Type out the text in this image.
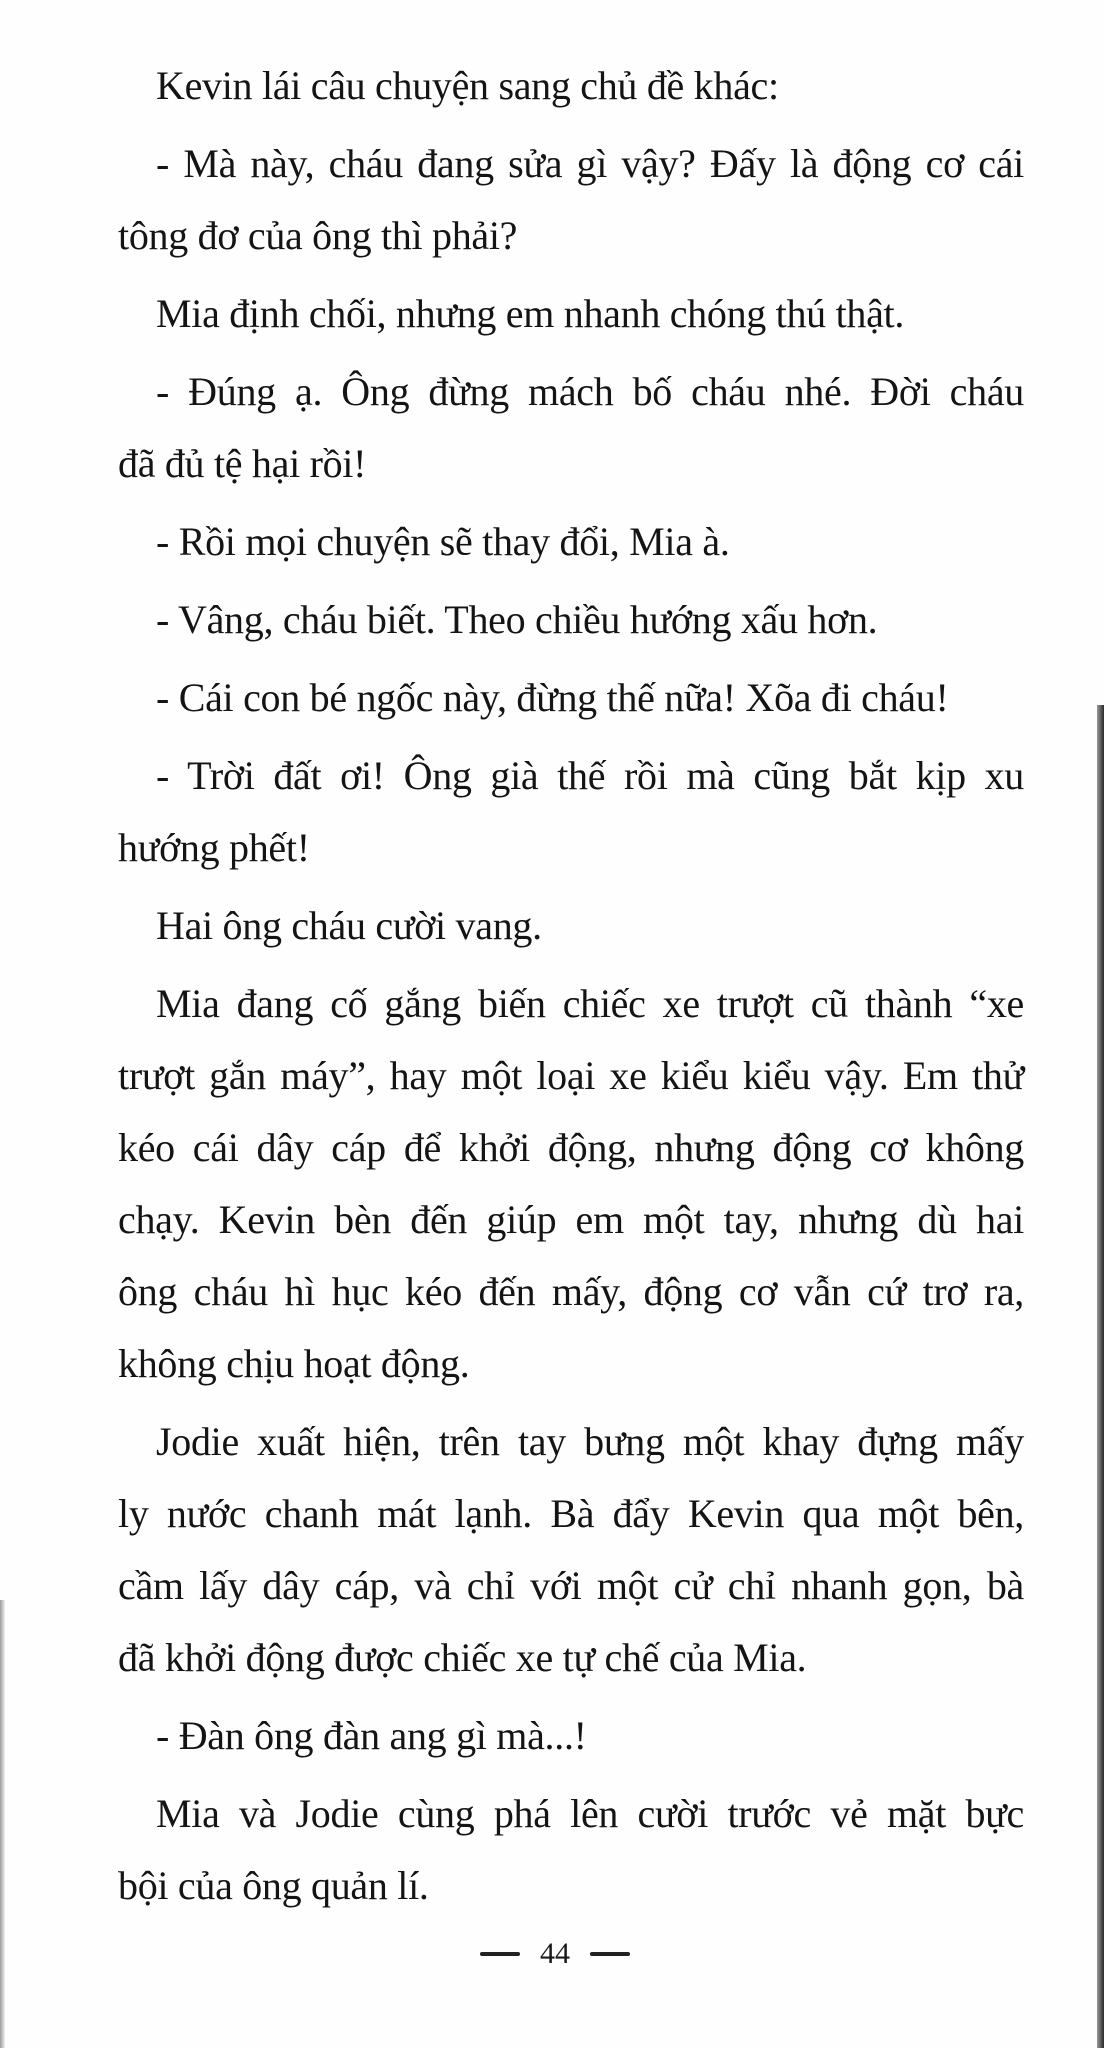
Kevin lái câu chuyện sang chủ đề khác:
- Mà này, cháu đang sửa gì vậy? Đấy là động cơ cái
tông đơ của ông thì phải?
Mia định chối, nhưng em nhanh chóng thú thật.
- Đúng ạ. Ông đừng mách bố cháu nhé. Đời cháu
đã đủ tệ hại rồi!
- Rồi mọi chuyện sẽ thay đổi, Mia à.
- Vâng, cháu biết. Theo chiều hướng xấu hơn.
- Cái con bé ngốc này, đừng thế nữa! Xõa đi cháu!
- Trời đất ơi! Ông già thế rồi mà cũng bắt kịp xu
hướng phết!
Hai ông cháu cười vang.
Mia đang cố gắng biến chiếc xe trượt cũ thành “xe
trượt gắn máy”, hay một loại xe kiểu kiểu vậy. Em thử
kéo cái dây cáp để khởi động, nhưng động cơ không
chạy. Kevin bèn đến giúp em một tay, nhưng dù hai
ông cháu hì hục kéo đến mấy, động cơ vẫn cứ trơ ra,
không chịu hoạt động.
Jodie xuất hiện, trên tay bưng một khay đựng mấy
ly nước chanh mát lạnh. Bà đẩy Kevin qua một bên,
cầm lấy dây cáp, và chỉ với một cử chỉ nhanh gọn, bà
đã khởi động được chiếc xe tự chế của Mia.
- Đàn ông đàn ang gì mà...!
Mia và Jodie cùng phá lên cười trước vẻ mặt bực
bội của ông quản lí.
44
